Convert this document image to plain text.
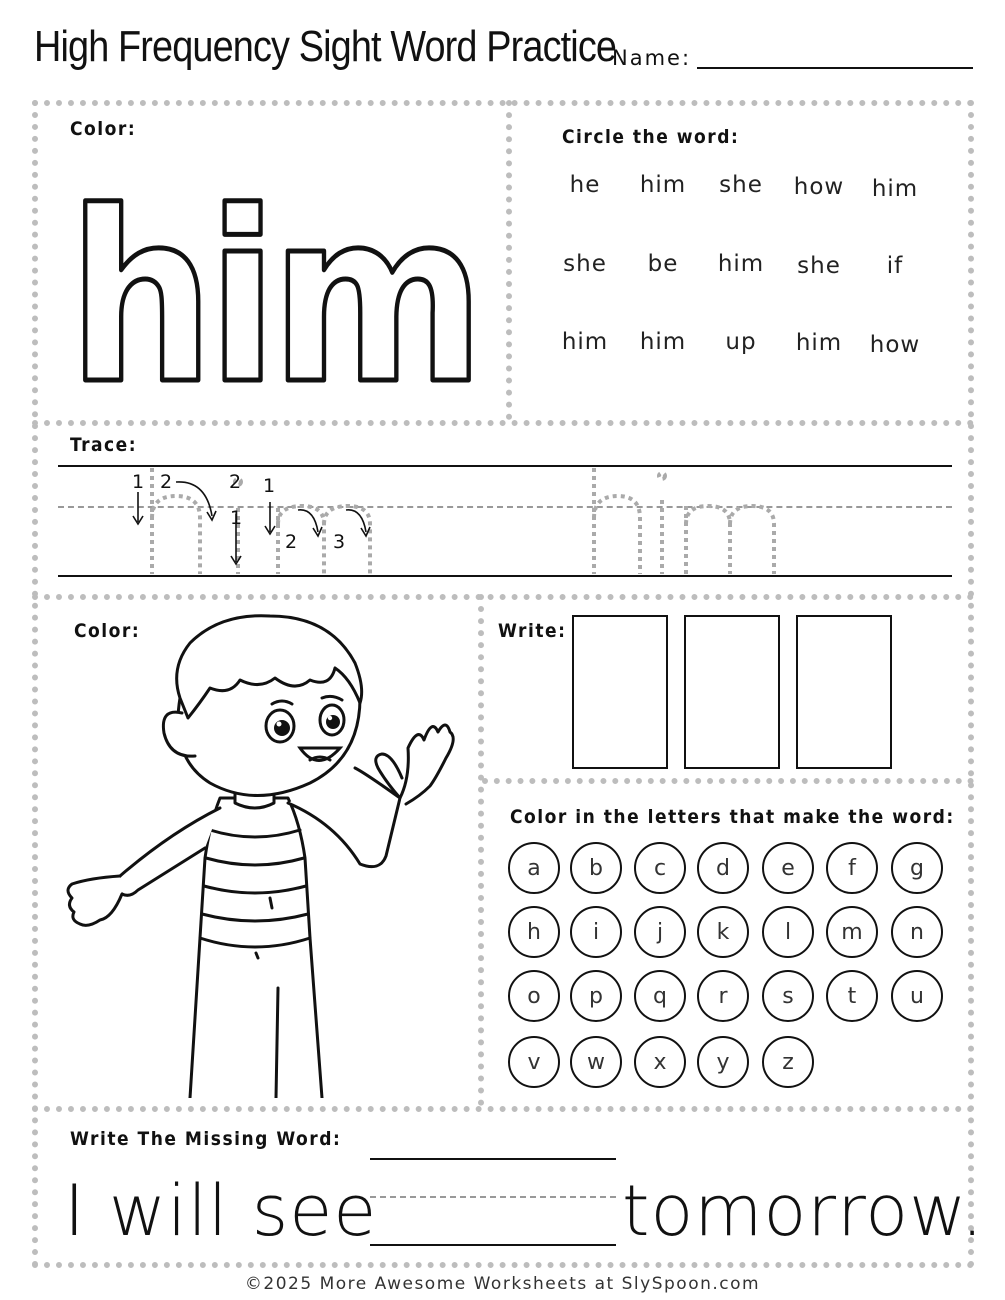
High Frequency Sight Word Practice
Name:
Color:
him
Circle the word:
he	him	she	how	him
she	be	him	she	if
him	him	up	him	how
Trace:
1 2	2 1
1
2 3
Color:	Write:
Color in the letters that make the word:
a	b	c	d	e	f	g
h	i	j	k	l	m	n
o	p	q	r	s	t	u
v	w	x	y	z
Write The Missing Word:
I will see	tomorrow.
©2025 More Awesome Worksheets at SlySpoon.com
